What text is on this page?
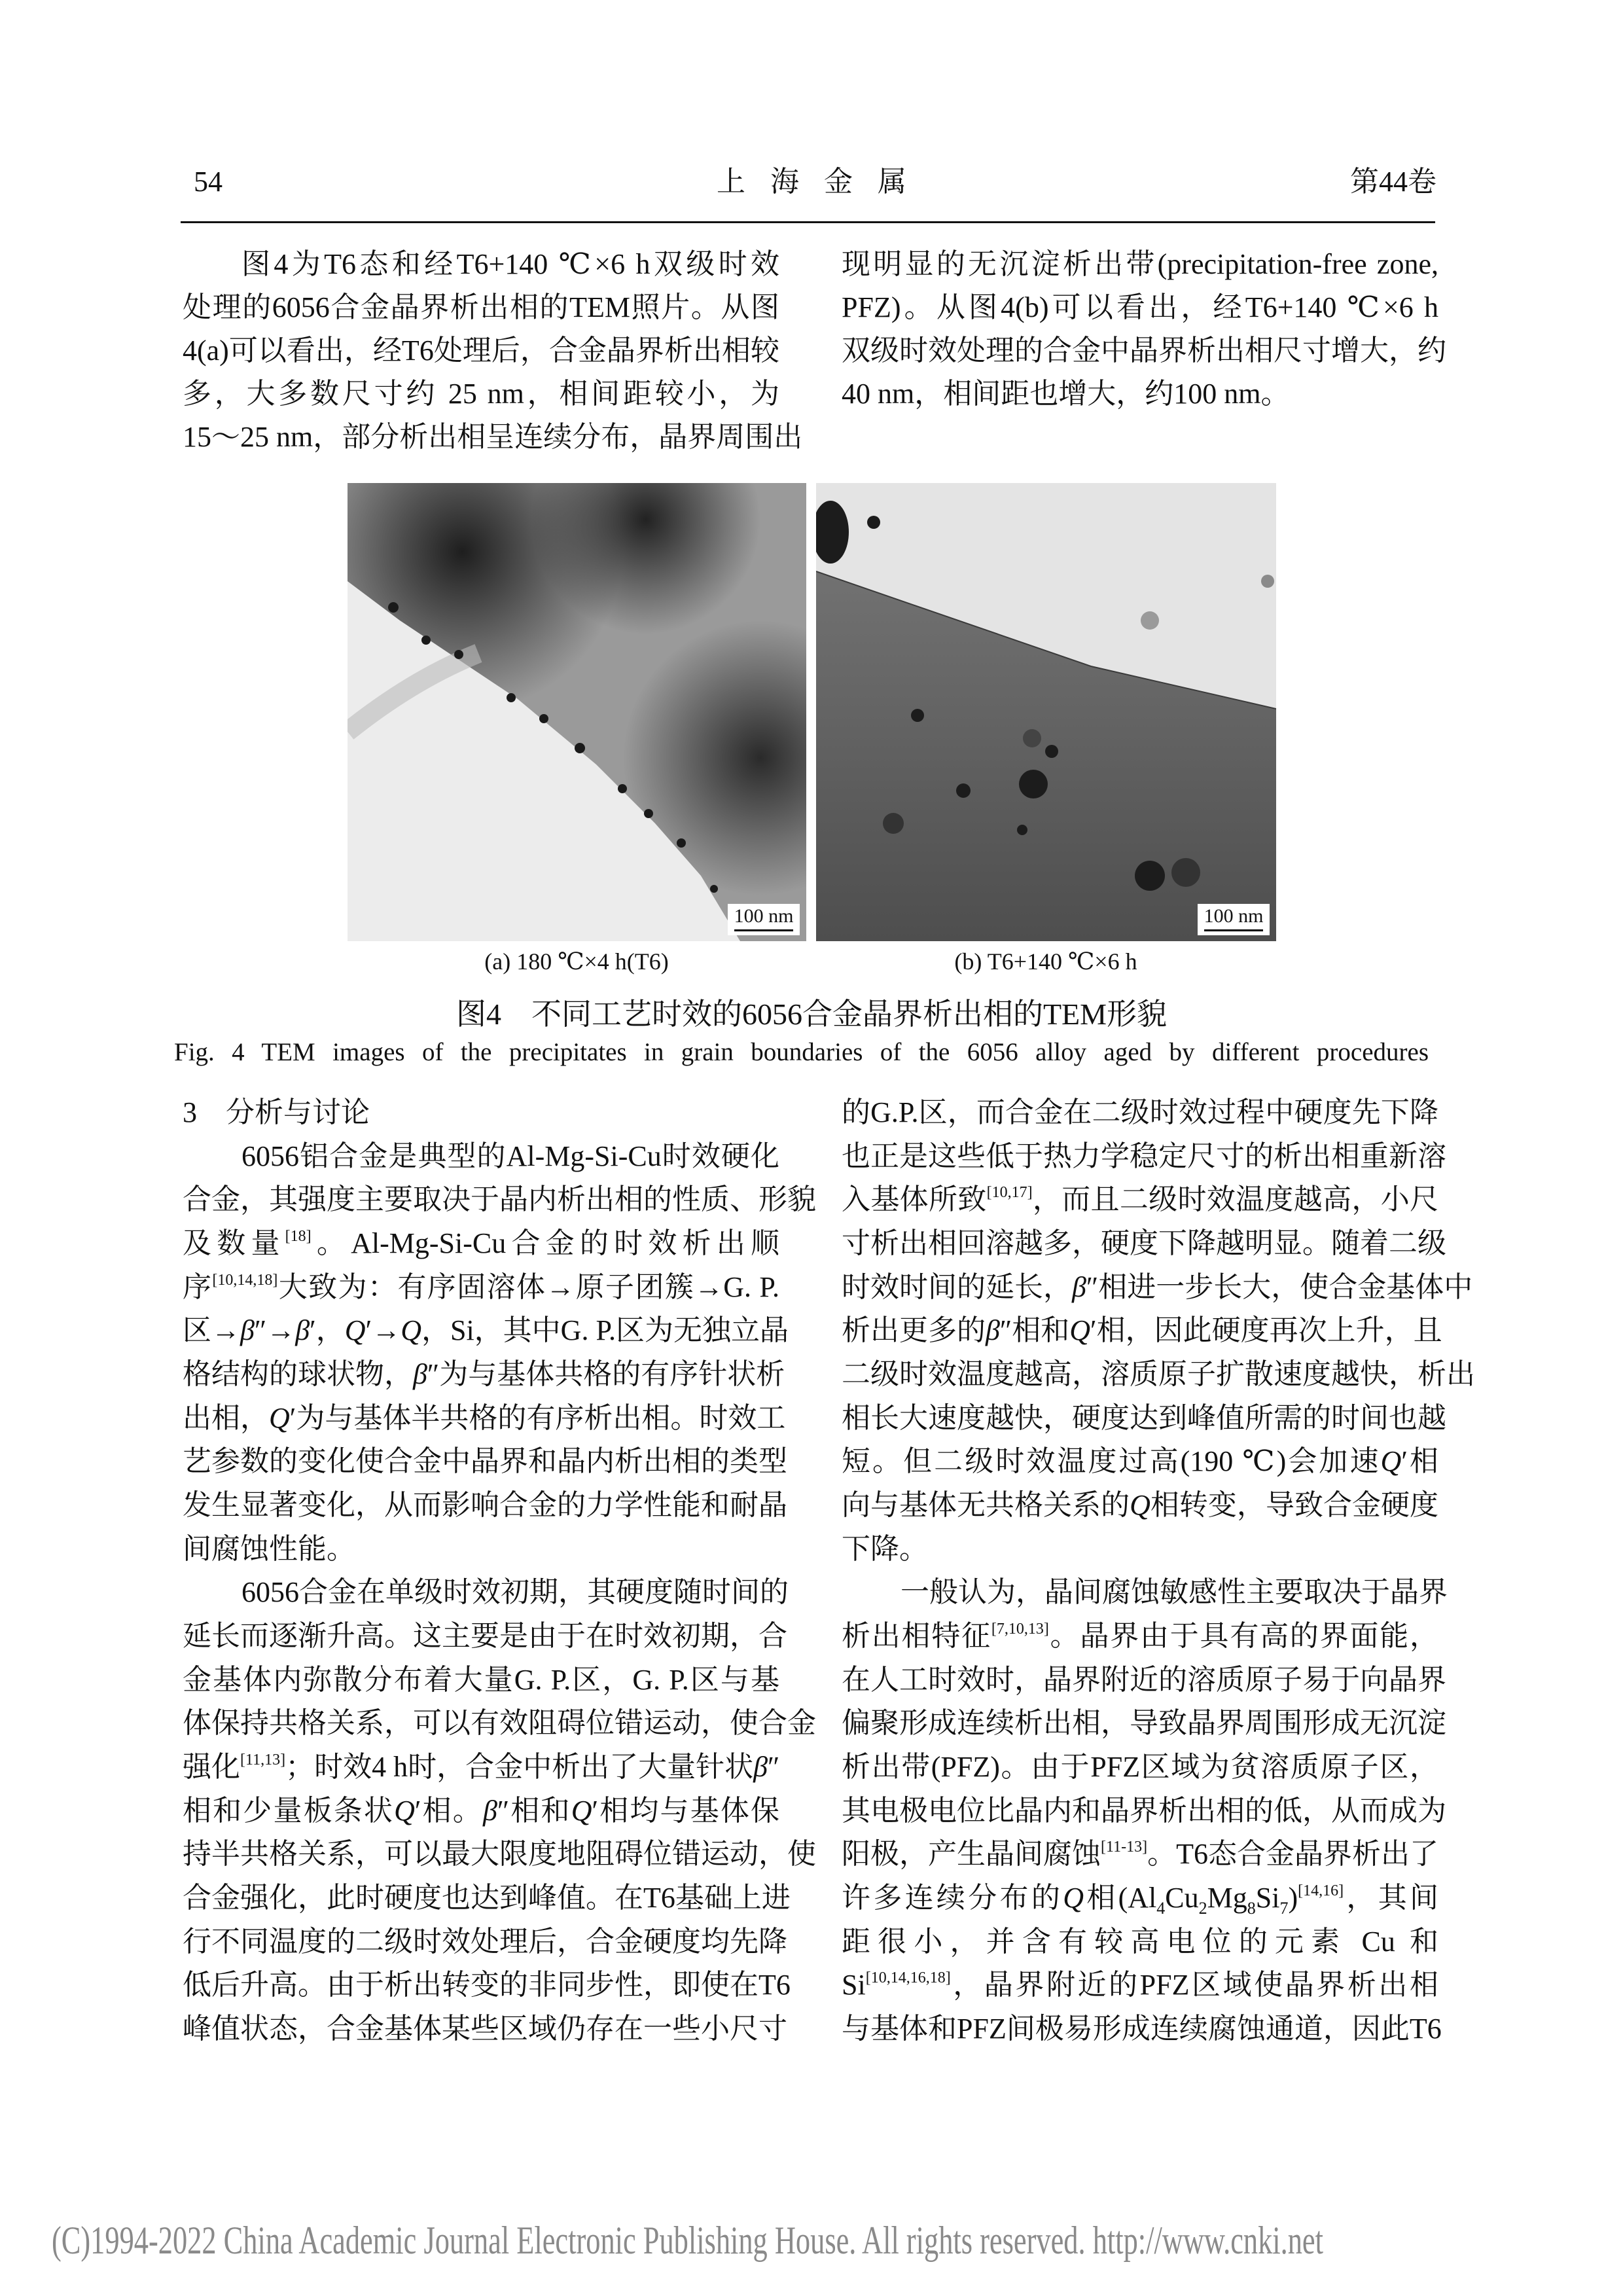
54	上海金属	第44卷
图4为T6态和经T6+140 ℃×6 h双级时效
处理的6056合金晶界析出相的TEM照片。从图
4(a)可以看出，经T6处理后，合金晶界析出相较
多，大多数尺寸约 25 nm，相间距较小，为
15～25 nm，部分析出相呈连续分布，晶界周围出
现明显的无沉淀析出带(precipitation-free zone,
PFZ)。从图4(b)可以看出，经T6+140 ℃×6 h
双级时效处理的合金中晶界析出相尺寸增大，约
40 nm，相间距也增大，约100 nm。
100 nm	100 nm
(a) 180 ℃×4 h(T6)	(b) T6+140 ℃×6 h
图4　不同工艺时效的6056合金晶界析出相的TEM形貌
Fig. 4 TEM images of the precipitates in grain boundaries of the 6056 alloy aged by different procedures
3　分析与讨论
6056铝合金是典型的Al-Mg-Si-Cu时效硬化
合金，其强度主要取决于晶内析出相的性质、形貌
及数量[18]。Al-Mg-Si-Cu合金的时效析出顺
序[10,14,18]大致为：有序固溶体→原子团簇→G. P.
区→β″→β′，Q′→Q，Si，其中G. P.区为无独立晶
格结构的球状物，β″为与基体共格的有序针状析
出相，Q′为与基体半共格的有序析出相。时效工
艺参数的变化使合金中晶界和晶内析出相的类型
发生显著变化，从而影响合金的力学性能和耐晶
间腐蚀性能。
6056合金在单级时效初期，其硬度随时间的
延长而逐渐升高。这主要是由于在时效初期，合
金基体内弥散分布着大量G. P.区，G. P.区与基
体保持共格关系，可以有效阻碍位错运动，使合金
强化[11,13]；时效4 h时，合金中析出了大量针状β″
相和少量板条状Q′相。β″相和Q′相均与基体保
持半共格关系，可以最大限度地阻碍位错运动，使
合金强化，此时硬度也达到峰值。在T6基础上进
行不同温度的二级时效处理后，合金硬度均先降
低后升高。由于析出转变的非同步性，即使在T6
峰值状态，合金基体某些区域仍存在一些小尺寸
的G.P.区，而合金在二级时效过程中硬度先下降
也正是这些低于热力学稳定尺寸的析出相重新溶
入基体所致[10,17]，而且二级时效温度越高，小尺
寸析出相回溶越多，硬度下降越明显。随着二级
时效时间的延长，β″相进一步长大，使合金基体中
析出更多的β″相和Q′相，因此硬度再次上升，且
二级时效温度越高，溶质原子扩散速度越快，析出
相长大速度越快，硬度达到峰值所需的时间也越
短。但二级时效温度过高(190 ℃)会加速Q′相
向与基体无共格关系的Q相转变，导致合金硬度
下降。
一般认为，晶间腐蚀敏感性主要取决于晶界
析出相特征[7,10,13]。晶界由于具有高的界面能，
在人工时效时，晶界附近的溶质原子易于向晶界
偏聚形成连续析出相，导致晶界周围形成无沉淀
析出带(PFZ)。由于PFZ区域为贫溶质原子区，
其电极电位比晶内和晶界析出相的低，从而成为
阳极，产生晶间腐蚀[11-13]。T6态合金晶界析出了
许多连续分布的Q相$(Al_4Cu_2Mg_8Si_7)[14,16]$，其间
距很小，并含有较高电位的元素 Cu 和
Si[10,14,16,18]，晶界附近的PFZ区域使晶界析出相
与基体和PFZ间极易形成连续腐蚀通道，因此T6
(C)1994-2022 China Academic Journal Electronic Publishing House. All rights reserved. http://www.cnki.net
